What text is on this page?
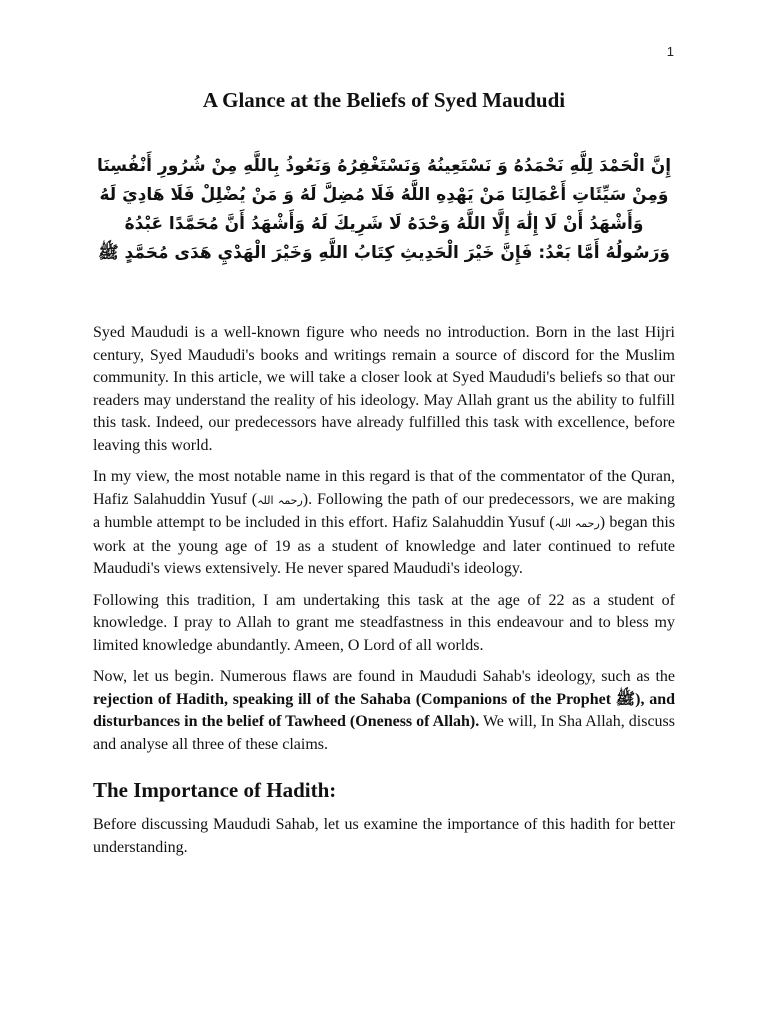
1
A Glance at the Beliefs of Syed Maududi

إِنَّ الْحَمْدَ لِلَّهِ نَحْمَدُهُ وَ نَسْتَعِينُهُ وَنَسْتَغْفِرُهُ وَنَعُوذُ بِاللَّهِ مِنْ شُرُورِ أَنْفُسِنَا وَمِنْ سَيِّئَاتِ أَعْمَالِنَا مَنْ يَهْدِهِ اللَّهُ فَلَا مُضِلَّ لَهُ وَ مَنْ يُضْلِلْ فَلَا هَادِيَ لَهُ وَأَشْهَدُ أَنْ لَا إِلَٰهَ إِلَّا اللَّهُ وَحْدَهُ لَا شَرِيكَ لَهُ وَأَشْهَدُ أَنَّ مُحَمَّدًا عَبْدُهُ وَرَسُولُهُ أَمَّا بَعْدُ: فَإِنَّ خَيْرَ الْحَدِيثِ كِتَابُ اللَّهِ وَخَيْرَ الْهَدْيِ هَدَى مُحَمَّدٍ ﷺ

Syed Maududi is a well-known figure who needs no introduction. Born in the last Hijri century, Syed Maududi's books and writings remain a source of discord for the Muslim community. In this article, we will take a closer look at Syed Maududi's beliefs so that our readers may understand the reality of his ideology. May Allah grant us the ability to fulfill this task. Indeed, our predecessors have already fulfilled this task with excellence, before leaving this world.

In my view, the most notable name in this regard is that of the commentator of the Quran, Hafiz Salahuddin Yusuf (رحمہ اللہ). Following the path of our predecessors, we are making a humble attempt to be included in this effort. Hafiz Salahuddin Yusuf (رحمہ اللہ) began this work at the young age of 19 as a student of knowledge and later continued to refute Maududi's views extensively. He never spared Maududi's ideology.

Following this tradition, I am undertaking this task at the age of 22 as a student of knowledge. I pray to Allah to grant me steadfastness in this endeavour and to bless my limited knowledge abundantly. Ameen, O Lord of all worlds.

Now, let us begin. Numerous flaws are found in Maududi Sahab's ideology, such as the rejection of Hadith, speaking ill of the Sahaba (Companions of the Prophet ﷺ), and disturbances in the belief of Tawheed (Oneness of Allah). We will, In Sha Allah, discuss and analyse all three of these claims.

The Importance of Hadith:

Before discussing Maududi Sahab, let us examine the importance of this hadith for better understanding.
